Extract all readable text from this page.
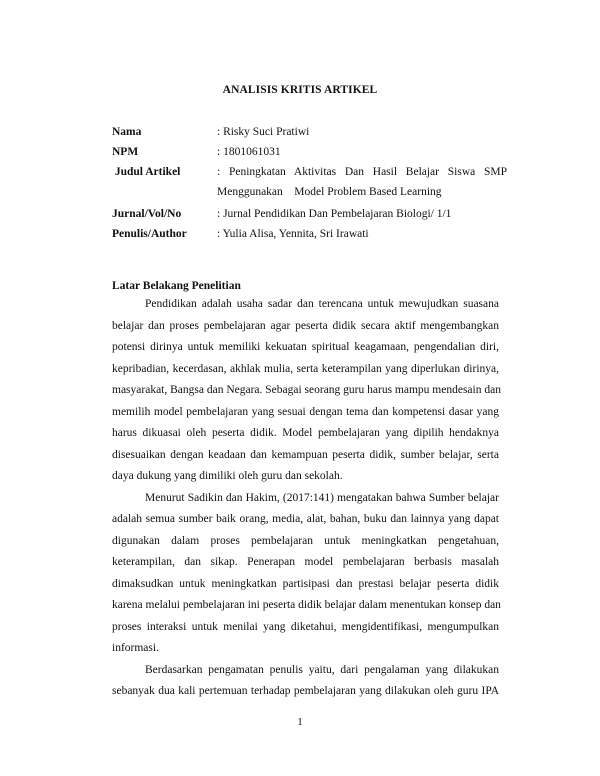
ANALISIS KRITIS ARTIKEL
Nama	: Risky Suci Pratiwi
NPM	: 1801061031
Judul Artikel	: Peningkatan Aktivitas Dan Hasil Belajar Siswa SMP
Menggunakan    Model Problem Based Learning
Jurnal/Vol/No	: Jurnal Pendidikan Dan Pembelajaran Biologi/ 1/1
Penulis/Author	: Yulia Alisa, Yennita, Sri Irawati
Latar Belakang Penelitian
Pendidikan adalah usaha sadar dan terencana untuk mewujudkan suasana
belajar dan proses pembelajaran agar peserta didik secara aktif mengembangkan
potensi dirinya untuk memiliki kekuatan spiritual keagamaan, pengendalian diri,
kepribadian, kecerdasan, akhlak mulia, serta keterampilan yang diperlukan dirinya,
masyarakat, Bangsa dan Negara. Sebagai seorang guru harus mampu mendesain dan
memilih model pembelajaran yang sesuai dengan tema dan kompetensi dasar yang
harus dikuasai oleh peserta didik. Model pembelajaran yang dipilih hendaknya
disesuaikan dengan keadaan dan kemampuan peserta didik, sumber belajar, serta
daya dukung yang dimiliki oleh guru dan sekolah.
Menurut Sadikin dan Hakim, (2017:141) mengatakan bahwa Sumber belajar
adalah semua sumber baik orang, media, alat, bahan, buku dan lainnya yang dapat
digunakan dalam proses pembelajaran untuk meningkatkan pengetahuan,
keterampilan, dan sikap. Penerapan model pembelajaran berbasis masalah
dimaksudkan untuk meningkatkan partisipasi dan prestasi belajar peserta didik
karena melalui pembelajaran ini peserta didik belajar dalam menentukan konsep dan
proses interaksi untuk menilai yang diketahui, mengidentifikasi, mengumpulkan
informasi.
Berdasarkan pengamatan penulis yaitu, dari pengalaman yang dilakukan
sebanyak dua kali pertemuan terhadap pembelajaran yang dilakukan oleh guru IPA
1
